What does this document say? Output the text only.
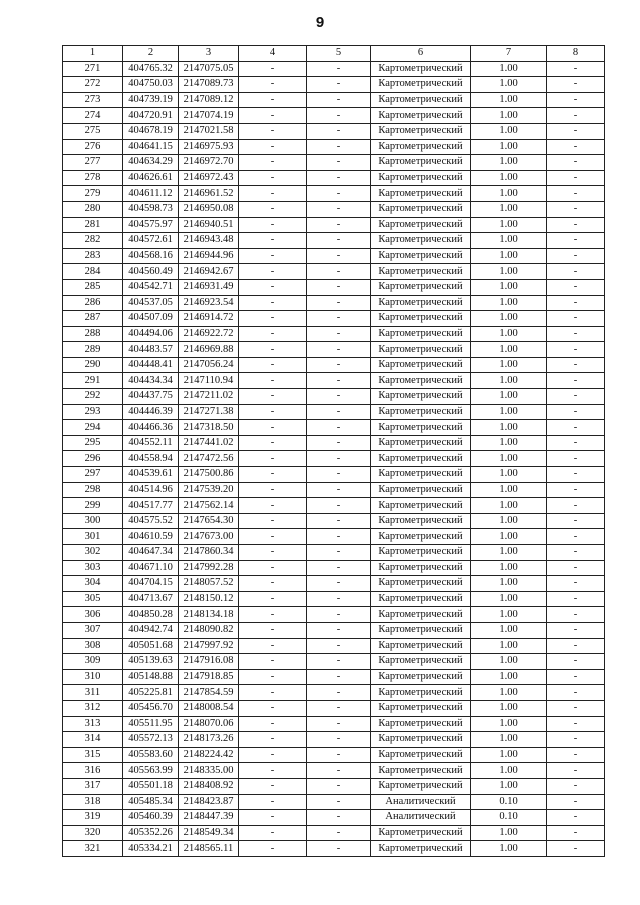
9
1	2	3	4	5	6	7	8
271	404765.32	2147075.05	-	-	Картометрический	1.00	-
272	404750.03	2147089.73	-	-	Картометрический	1.00	-
273	404739.19	2147089.12	-	-	Картометрический	1.00	-
274	404720.91	2147074.19	-	-	Картометрический	1.00	-
275	404678.19	2147021.58	-	-	Картометрический	1.00	-
276	404641.15	2146975.93	-	-	Картометрический	1.00	-
277	404634.29	2146972.70	-	-	Картометрический	1.00	-
278	404626.61	2146972.43	-	-	Картометрический	1.00	-
279	404611.12	2146961.52	-	-	Картометрический	1.00	-
280	404598.73	2146950.08	-	-	Картометрический	1.00	-
281	404575.97	2146940.51	-	-	Картометрический	1.00	-
282	404572.61	2146943.48	-	-	Картометрический	1.00	-
283	404568.16	2146944.96	-	-	Картометрический	1.00	-
284	404560.49	2146942.67	-	-	Картометрический	1.00	-
285	404542.71	2146931.49	-	-	Картометрический	1.00	-
286	404537.05	2146923.54	-	-	Картометрический	1.00	-
287	404507.09	2146914.72	-	-	Картометрический	1.00	-
288	404494.06	2146922.72	-	-	Картометрический	1.00	-
289	404483.57	2146969.88	-	-	Картометрический	1.00	-
290	404448.41	2147056.24	-	-	Картометрический	1.00	-
291	404434.34	2147110.94	-	-	Картометрический	1.00	-
292	404437.75	2147211.02	-	-	Картометрический	1.00	-
293	404446.39	2147271.38	-	-	Картометрический	1.00	-
294	404466.36	2147318.50	-	-	Картометрический	1.00	-
295	404552.11	2147441.02	-	-	Картометрический	1.00	-
296	404558.94	2147472.56	-	-	Картометрический	1.00	-
297	404539.61	2147500.86	-	-	Картометрический	1.00	-
298	404514.96	2147539.20	-	-	Картометрический	1.00	-
299	404517.77	2147562.14	-	-	Картометрический	1.00	-
300	404575.52	2147654.30	-	-	Картометрический	1.00	-
301	404610.59	2147673.00	-	-	Картометрический	1.00	-
302	404647.34	2147860.34	-	-	Картометрический	1.00	-
303	404671.10	2147992.28	-	-	Картометрический	1.00	-
304	404704.15	2148057.52	-	-	Картометрический	1.00	-
305	404713.67	2148150.12	-	-	Картометрический	1.00	-
306	404850.28	2148134.18	-	-	Картометрический	1.00	-
307	404942.74	2148090.82	-	-	Картометрический	1.00	-
308	405051.68	2147997.92	-	-	Картометрический	1.00	-
309	405139.63	2147916.08	-	-	Картометрический	1.00	-
310	405148.88	2147918.85	-	-	Картометрический	1.00	-
311	405225.81	2147854.59	-	-	Картометрический	1.00	-
312	405456.70	2148008.54	-	-	Картометрический	1.00	-
313	405511.95	2148070.06	-	-	Картометрический	1.00	-
314	405572.13	2148173.26	-	-	Картометрический	1.00	-
315	405583.60	2148224.42	-	-	Картометрический	1.00	-
316	405563.99	2148335.00	-	-	Картометрический	1.00	-
317	405501.18	2148408.92	-	-	Картометрический	1.00	-
318	405485.34	2148423.87	-	-	Аналитический	0.10	-
319	405460.39	2148447.39	-	-	Аналитический	0.10	-
320	405352.26	2148549.34	-	-	Картометрический	1.00	-
321	405334.21	2148565.11	-	-	Картометрический	1.00	-
